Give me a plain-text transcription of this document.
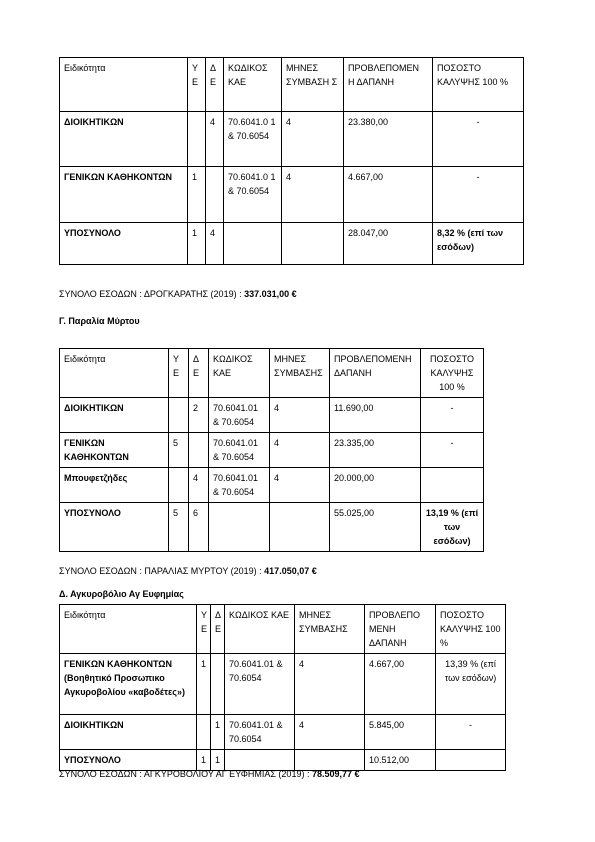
Ειδικότητα	Υ Ε	Δ Ε	ΚΩΔΙΚΟΣ ΚΑΕ	ΜΗΝΕΣ ΣΥΜΒΑΣΗ Σ	ΠΡΟΒΛΕΠΟΜΕΝ Η ΔΑΠΑΝΗ	ΠΟΣΟΣΤΟ ΚΑΛΥΨΗΣ 100 %
ΔΙΟΙΚΗΤΙΚΩΝ		4	70.6041.0 1 & 70.6054	4	23.380,00	-
ΓΕΝΙΚΩΝ ΚΑΘΗΚΟΝΤΩΝ	1		70.6041.0 1 & 70.6054	4	4.667,00	-
ΥΠΟΣΥΝΟΛΟ	1	4			28.047,00	8,32 % (επί των εσόδων)
ΣΥΝΟΛΟ ΕΣΟΔΩΝ : ΔΡΟΓΚΑΡΑΤΗΣ (2019) : 337.031,00 €
Γ. Παραλία Μύρτου
Ειδικότητα	ΥΕ	ΔΕ	ΚΩΔΙΚΟΣ ΚΑΕ	ΜΗΝΕΣ ΣΥΜΒΑΣΗΣ	ΠΡΟΒΛΕΠΟΜΕΝΗ ΔΑΠΑΝΗ	ΠΟΣΟΣΤΟ ΚΑΛΥΨΗΣ 100 %
ΔΙΟΙΚΗΤΙΚΩΝ		2	70.6041.01 & 70.6054	4	11.690,00	-
ΓΕΝΙΚΩΝ ΚΑΘΗΚΟΝΤΩΝ	5		70.6041.01 & 70.6054	4	23.335,00	-
Μπουφετζήδες		4	70.6041.01 & 70.6054	4	20.000,00	
ΥΠΟΣΥΝΟΛΟ	5	6			55.025,00	13,19 % (επί των εσόδων)
ΣΥΝΟΛΟ ΕΣΟΔΩΝ : ΠΑΡΑΛΙΑΣ ΜΥΡΤΟΥ (2019) : 417.050,07 €
Δ. Αγκυροβόλιο Αγ Ευφημίας
Ειδικότητα	Υ Ε	Δ Ε	ΚΩΔΙΚΟΣ ΚΑΕ	ΜΗΝΕΣ ΣΥΜΒΑΣΗΣ	ΠΡΟΒΛΕΠΟ ΜΕΝΗ ΔΑΠΑΝΗ	ΠΟΣΟΣΤΟ ΚΑΛΥΨΗΣ 100 %
ΓΕΝΙΚΩΝ ΚΑΘΗΚΟΝΤΩΝ (Βοηθητικό Προσωπικο Αγκυροβολίου «καβοδέτες»)	1		70.6041.01 & 70.6054	4	4.667,00	13,39 % (επί των εσόδων)
ΔΙΟΙΚΗΤΙΚΩΝ		1	70.6041.01 & 70.6054	4	5.845,00	-
ΥΠΟΣΥΝΟΛΟ	1	1			10.512,00	
ΣΥΝΟΛΟ ΕΣΟΔΩΝ : ΑΓΚΥΡΟΒΟΛΙΟΥ ΑΓ ΕΥΦΗΜΙΑΣ (2019) : 78.509,77 €
